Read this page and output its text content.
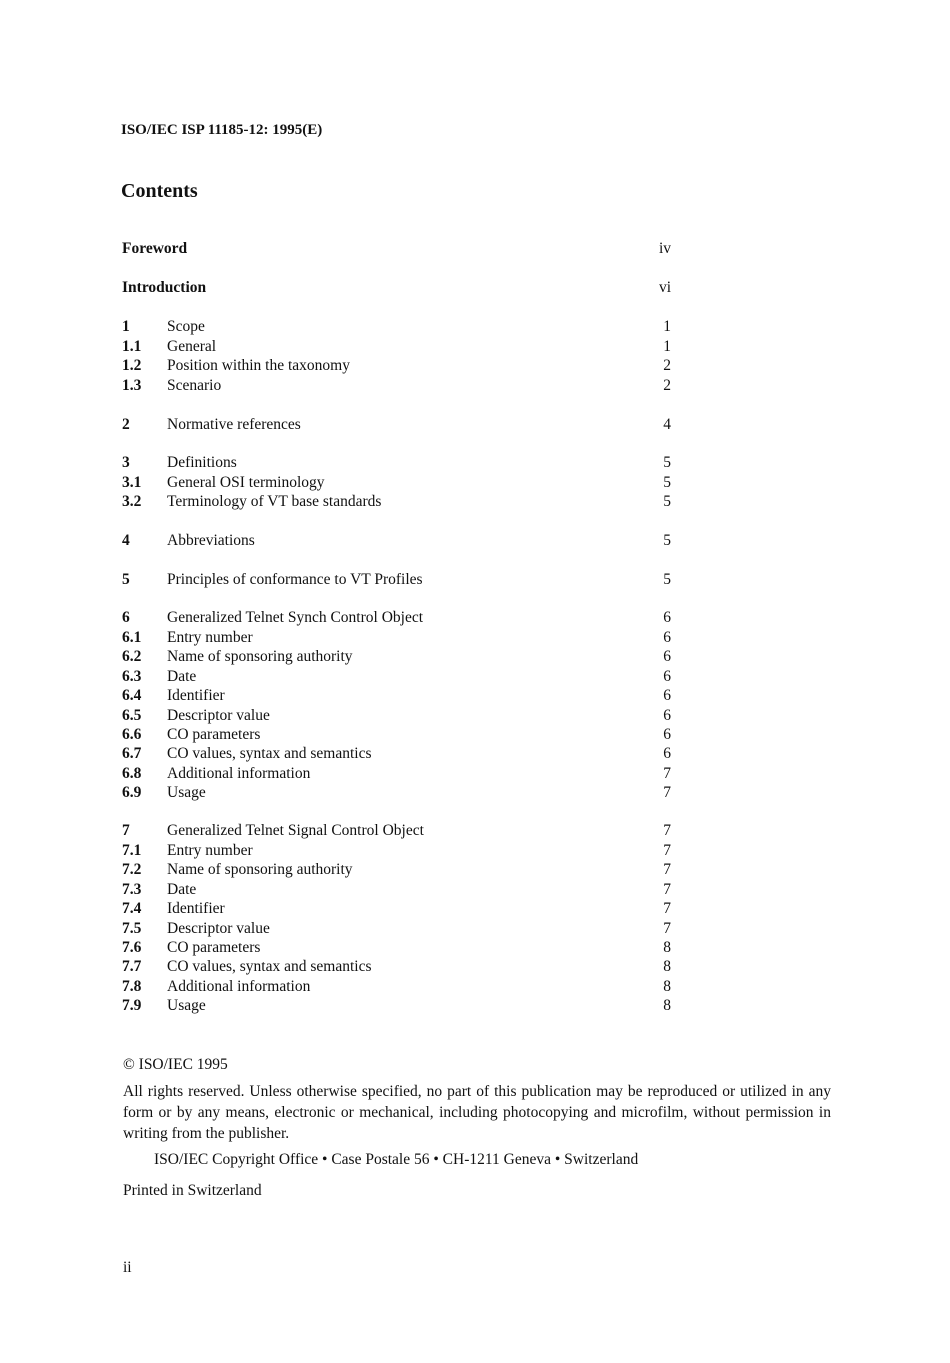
ISO/IEC ISP 11185-12: 1995(E)
Contents
Foreword	iv
Introduction	vi
1 Scope	1
1.1 General	1
1.2 Position within the taxonomy	2
1.3 Scenario	2
2 Normative references	4
3 Definitions	5
3.1 General OSI terminology	5
3.2 Terminology of VT base standards	5
4 Abbreviations	5
5 Principles of conformance to VT Profiles	5
6 Generalized Telnet Synch Control Object	6
6.1 Entry number	6
6.2 Name of sponsoring authority	6
6.3 Date	6
6.4 Identifier	6
6.5 Descriptor value	6
6.6 CO parameters	6
6.7 CO values, syntax and semantics	6
6.8 Additional information	7
6.9 Usage	7
7 Generalized Telnet Signal Control Object	7
7.1 Entry number	7
7.2 Name of sponsoring authority	7
7.3 Date	7
7.4 Identifier	7
7.5 Descriptor value	7
7.6 CO parameters	8
7.7 CO values, syntax and semantics	8
7.8 Additional information	8
7.9 Usage	8
© ISO/IEC 1995
All rights reserved. Unless otherwise specified, no part of this publication may be reproduced or utilized in any form or by any means, electronic or mechanical, including photocopying and microfilm, without permission in writing from the publisher.
ISO/IEC Copyright Office • Case Postale 56 • CH-1211 Geneva • Switzerland
Printed in Switzerland
ii
